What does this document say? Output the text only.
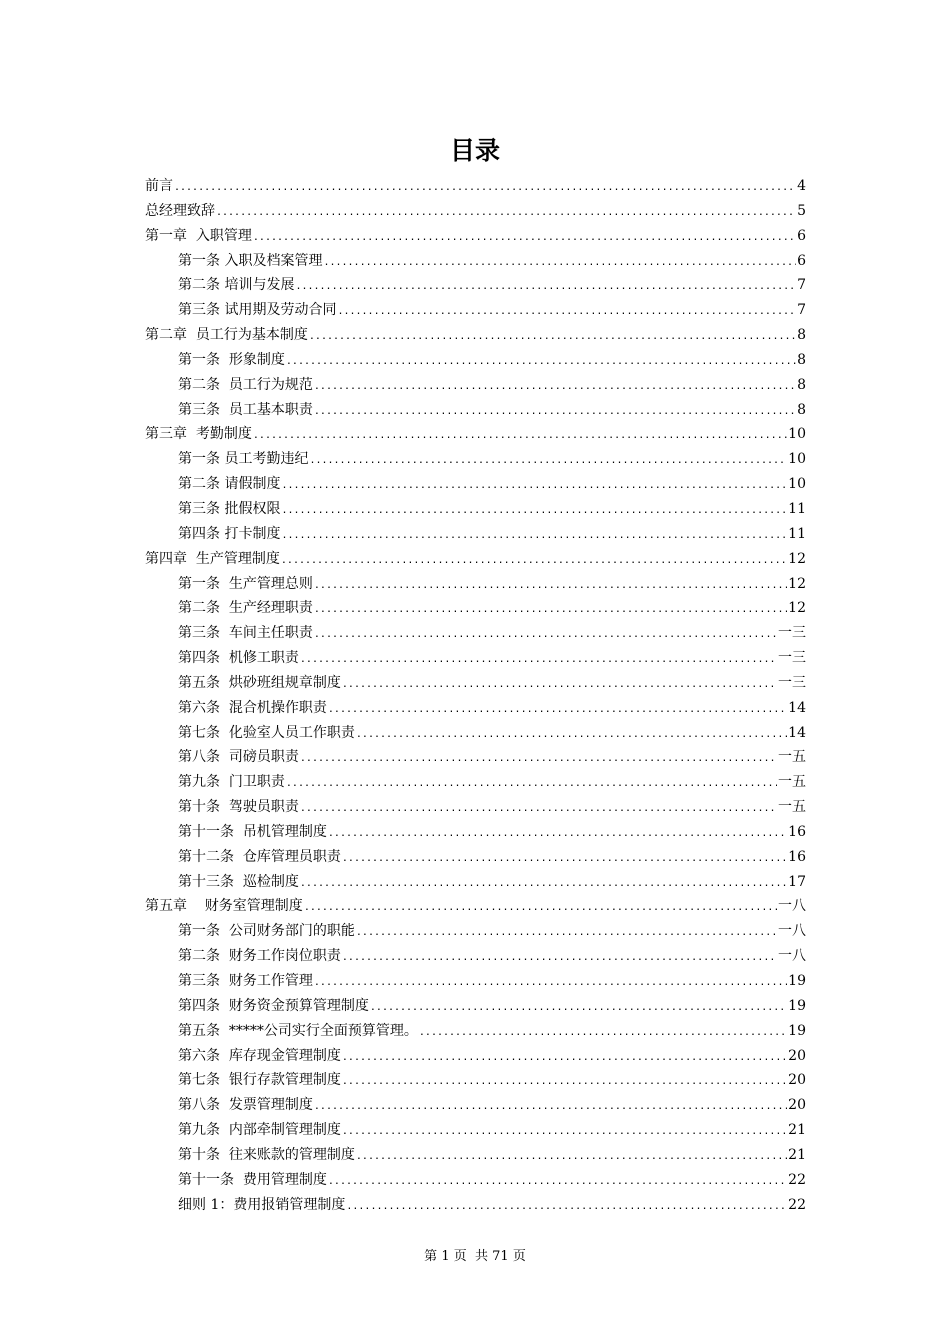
目录
前言 .....	4
总经理致辞 .....	5
第一章  入职管理 .....	6
第一条 入职及档案管理 .....	6
第二条 培训与发展 .....	7
第三条 试用期及劳动合同 .....	7
第二章  员工行为基本制度 .....	8
第一条  形象制度 .....	8
第二条  员工行为规范 .....	8
第三条  员工基本职责 .....	8
第三章  考勤制度 .....	10
第一条 员工考勤违纪 .....	10
第二条 请假制度 .....	10
第三条 批假权限 .....	11
第四条 打卡制度 .....	11
第四章  生产管理制度 .....	12
第一条  生产管理总则 .....	12
第二条  生产经理职责 .....	12
第三条  车间主任职责 .....	一三
第四条  机修工职责 .....	一三
第五条  烘砂班组规章制度 .....	一三
第六条  混合机操作职责 .....	14
第七条  化验室人员工作职责 .....	14
第八条  司磅员职责 .....	一五
第九条  门卫职责 .....	一五
第十条  驾驶员职责 .....	一五
第十一条  吊机管理制度 .....	16
第十二条  仓库管理员职责 .....	16
第十三条  巡检制度 .....	17
第五章    财务室管理制度 .....	一八
第一条  公司财务部门的职能 .....	一八
第二条  财务工作岗位职责 .....	一八
第三条  财务工作管理 .....	19
第四条  财务资金预算管理制度 .....	19
第五条  *****公司实行全面预算管理。 .....	19
第六条  库存现金管理制度 .....	20
第七条  银行存款管理制度 .....	20
第八条  发票管理制度 .....	20
第九条  内部牵制管理制度 .....	21
第十条  往来账款的管理制度 .....	21
第十一条  费用管理制度 .....	22
细则 1：费用报销管理制度 .....	22
第 1 页  共 71 页
